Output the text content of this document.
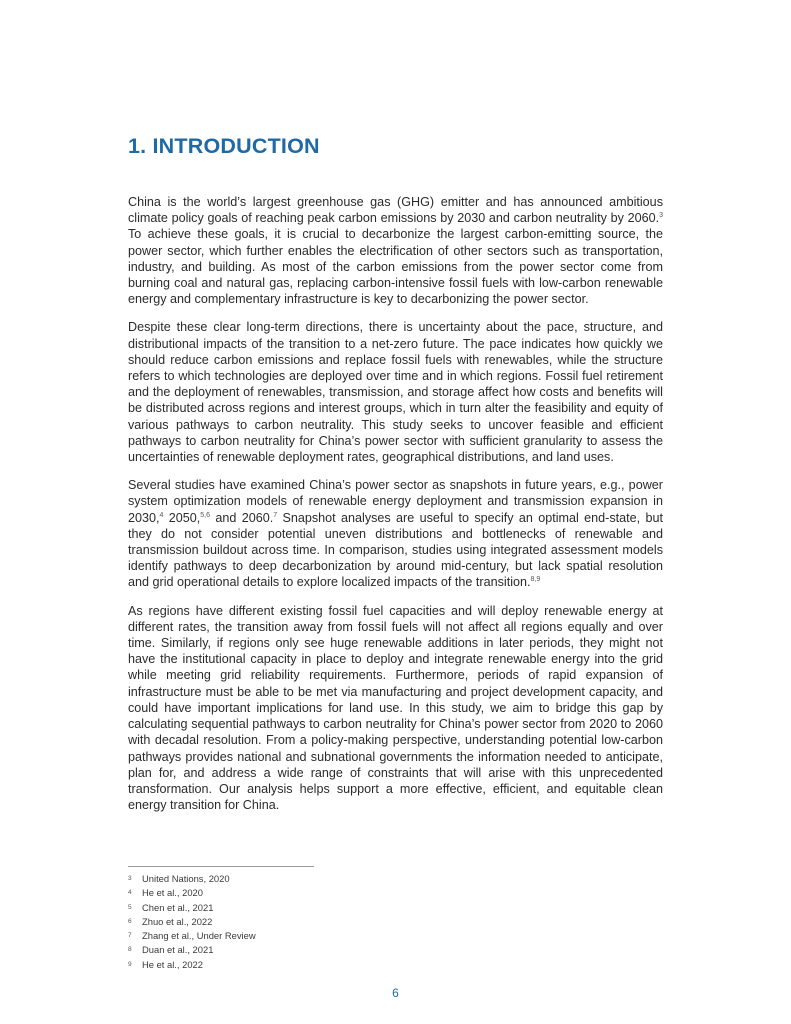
1. INTRODUCTION

China is the world’s largest greenhouse gas (GHG) emitter and has announced ambitious climate policy goals of reaching peak carbon emissions by 2030 and carbon neutrality by 2060.$^3$ To achieve these goals, it is crucial to decarbonize the largest carbon-emitting source, the power sector, which further enables the electrification of other sectors such as transportation, industry, and building. As most of the carbon emissions from the power sector come from burning coal and natural gas, replacing carbon-intensive fossil fuels with low-carbon renewable energy and complementary infrastructure is key to decarbonizing the power sector.

Despite these clear long-term directions, there is uncertainty about the pace, structure, and distributional impacts of the transition to a net-zero future. The pace indicates how quickly we should reduce carbon emissions and replace fossil fuels with renewables, while the structure refers to which technologies are deployed over time and in which regions. Fossil fuel retirement and the deployment of renewables, transmission, and storage affect how costs and benefits will be distributed across regions and interest groups, which in turn alter the feasibility and equity of various pathways to carbon neutrality. This study seeks to uncover feasible and efficient pathways to carbon neutrality for China’s power sector with sufficient granularity to assess the uncertainties of renewable deployment rates, geographical distributions, and land uses.

Several studies have examined China’s power sector as snapshots in future years, e.g., power system optimization models of renewable energy deployment and transmission expansion in 2030,$^4$ 2050,$^{5,6}$ and 2060.$^7$ Snapshot analyses are useful to specify an optimal end-state, but they do not consider potential uneven distributions and bottlenecks of renewable and transmission buildout across time. In comparison, studies using integrated assessment models identify pathways to deep decarbonization by around mid-century, but lack spatial resolution and grid operational details to explore localized impacts of the transition.$^{8,9}$

As regions have different existing fossil fuel capacities and will deploy renewable energy at different rates, the transition away from fossil fuels will not affect all regions equally and over time. Similarly, if regions only see huge renewable additions in later periods, they might not have the institutional capacity in place to deploy and integrate renewable energy into the grid while meeting grid reliability requirements. Furthermore, periods of rapid expansion of infrastructure must be able to be met via manufacturing and project development capacity, and could have important implications for land use. In this study, we aim to bridge this gap by calculating sequential pathways to carbon neutrality for China’s power sector from 2020 to 2060 with decadal resolution. From a policy-making perspective, understanding potential low-carbon pathways provides national and subnational governments the information needed to anticipate, plan for, and address a wide range of constraints that will arise with this unprecedented transformation. Our analysis helps support a more effective, efficient, and equitable clean energy transition for China.

3 United Nations, 2020
4 He et al., 2020
5 Chen et al., 2021
6 Zhuo et al., 2022
7 Zhang et al., Under Review
8 Duan et al., 2021
9 He et al., 2022
6
